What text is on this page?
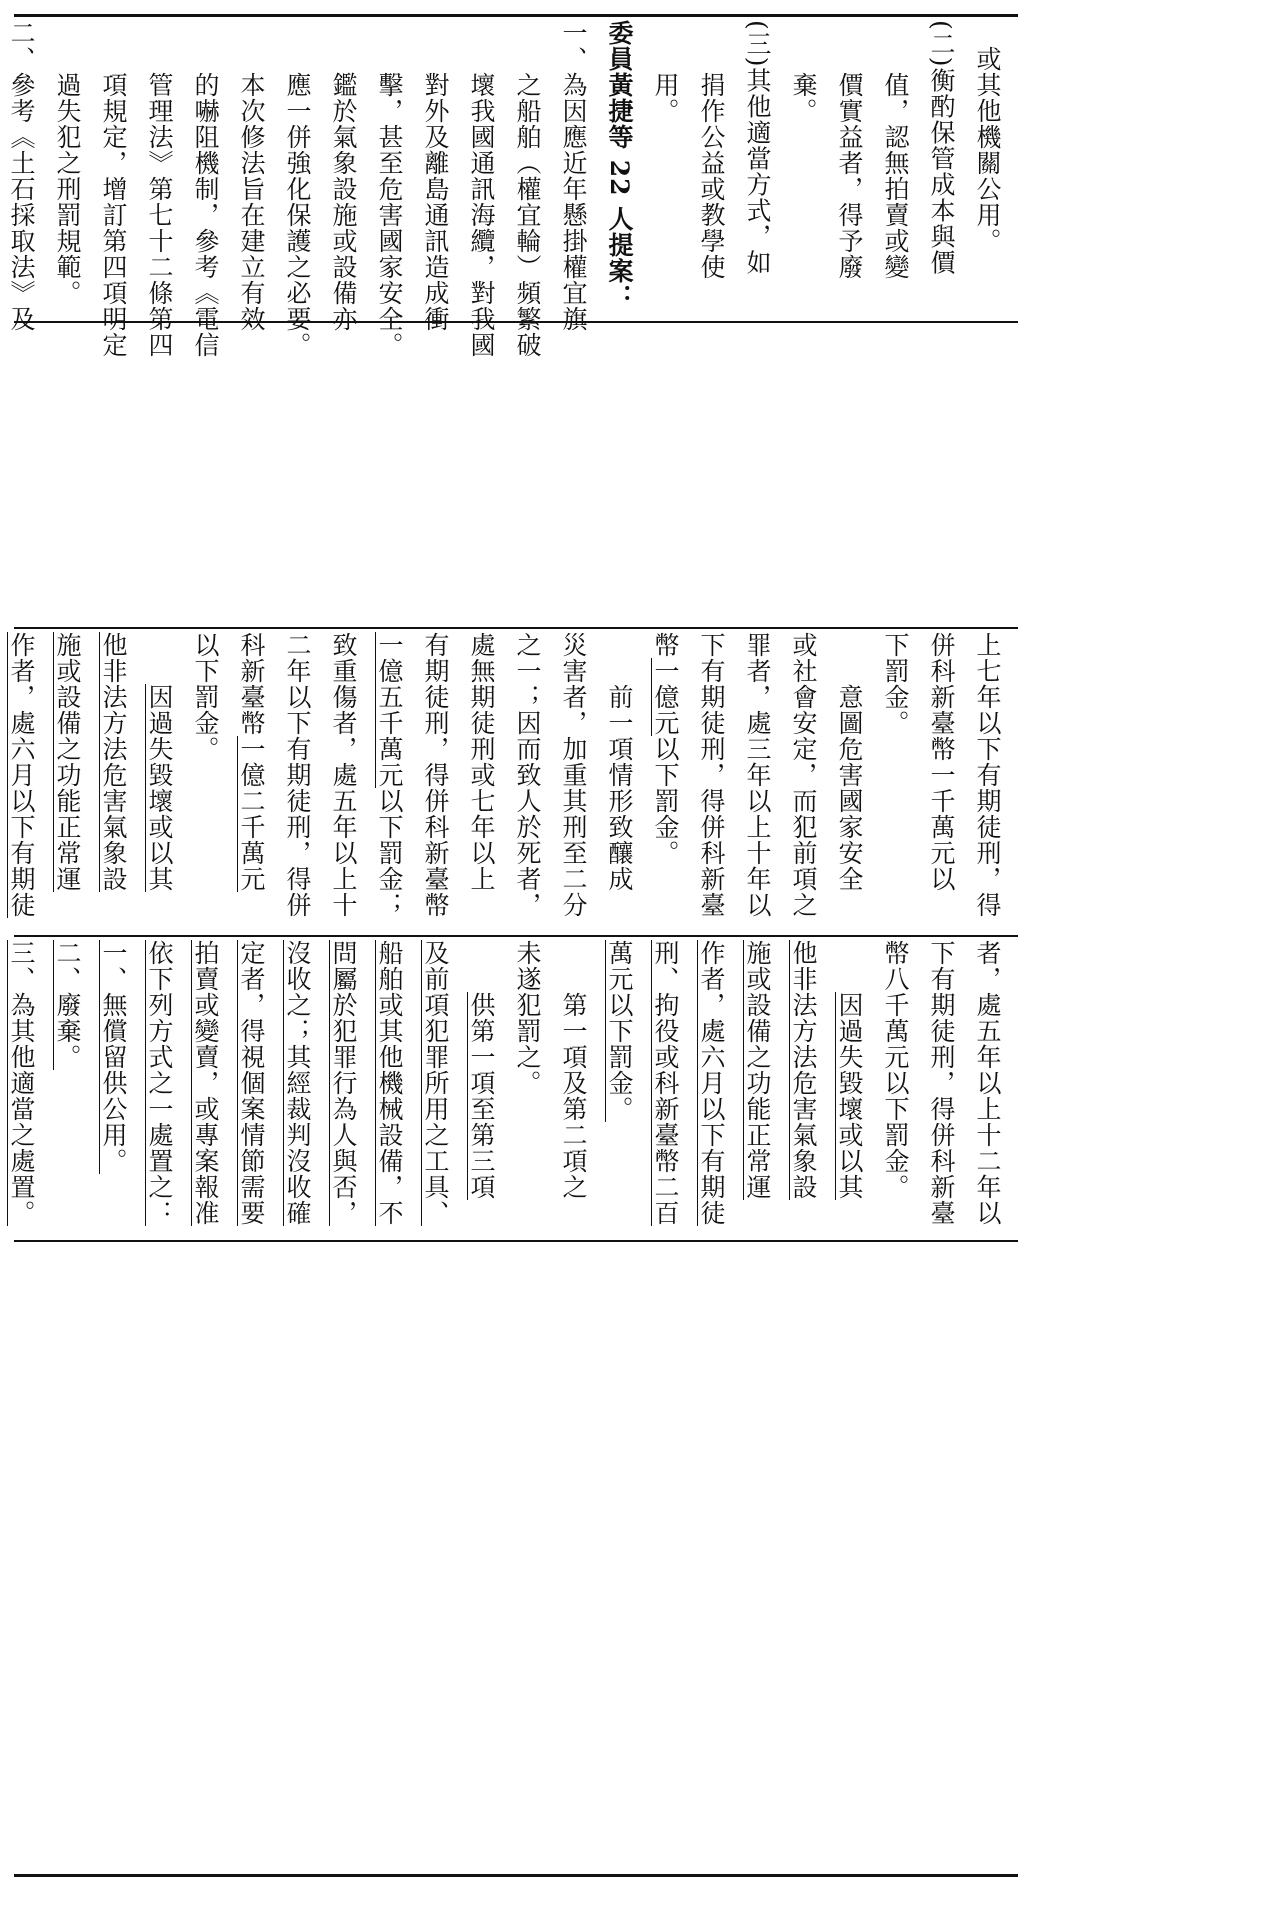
　或其他機關公用。
(二)衡酌保管成本與價
　　值，認無拍賣或變
　　價實益者，得予廢
　　棄。
(三)其他適當方式，如
　　捐作公益或教學使
　　用。
委員黃捷等 22 人提案：
一、為因應近年懸掛權宜旗
　　之船舶（權宜輪）頻繁破
　　壞我國通訊海纜，對我國
　　對外及離島通訊造成衝
　　擊，甚至危害國家安全。
　　鑑於氣象設施或設備亦
　　應一併強化保護之必要。
　　本次修法旨在建立有效
　　的嚇阻機制，參考《電信
　　管理法》第七十二條第四
　　項規定，增訂第四項明定
　　過失犯之刑罰規範。
二、參考《土石採取法》及
上七年以下有期徒刑，得
併科新臺幣一千萬元以
下罰金。
　　意圖危害國家安全
或社會安定，而犯前項之
罪者，處三年以上十年以
下有期徒刑，得併科新臺
幣
一億元
以下罰金。
　　前一項情形致釀成
災害者，加重其刑至二分
之一；因而致人於死者，
處無期徒刑或七年以上
有期徒刑，得併科新臺幣
一億五千萬元
以下罰金；
致重傷者，處五年以上十
二年以下有期徒刑，得併
科新臺幣
一億二千萬元
以下罰金。

因過失毀壞或以其
他非法方法危害氣象設
施或設備之功能正常運
作者，處六月以下有期徒
者，處五年以上十二年以
下有期徒刑，得併科新臺
幣八千萬元以下罰金。

因過失毀壞或以其
他非法方法危害氣象設
施或設備之功能正常運
作者，處六月以下有期徒
刑、拘役或科新臺幣二百
萬元以下罰金。
　　第一項及第二項之
未遂犯罰之。

供第一項至第三項
及前項犯罪所用之工具、
船舶或其他機械設備，不
問屬於犯罪行為人與否，
沒收之；其經裁判沒收確
定者，得視個案情節需要
拍賣或變賣，或專案報准
依下列方式之一處置之：
一、無償留供公用。
二、廢棄。
三、為其他適當之處置。
